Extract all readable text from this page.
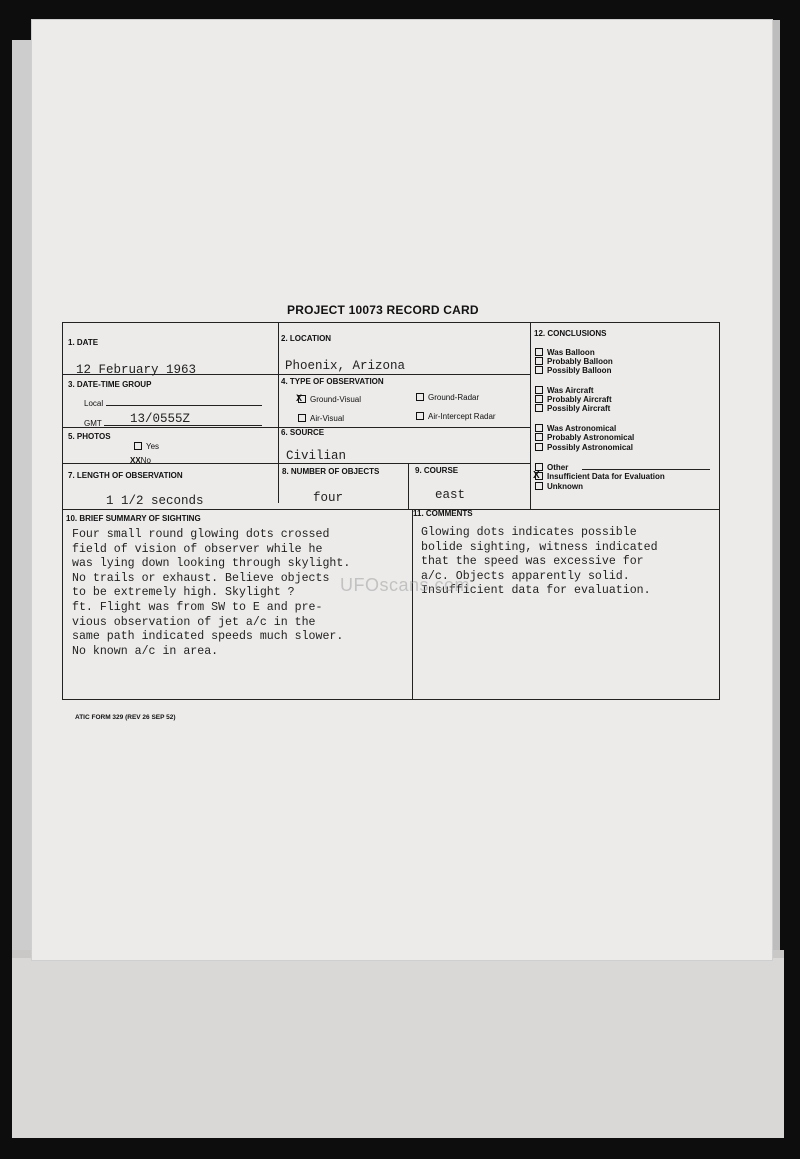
PROJECT 10073 RECORD CARD
1. DATE
12 February 1963
2. LOCATION
Phoenix, Arizona
3. DATE-TIME GROUP
Local
GMT 13/0555Z
4. TYPE OF OBSERVATION
Ground-Visual
X	Ground-Radar
Air-Visual	Air-Intercept Radar
5. PHOTOS
Yes
XXNo
6. SOURCE
Civilian
7. LENGTH OF OBSERVATION
1 1/2 seconds
8. NUMBER OF OBJECTS
four
9. COURSE
east
12. CONCLUSIONS
Was Balloon
Probably Balloon
Possibly Balloon
Was Aircraft
Probably Aircraft
Possibly Aircraft
Was Astronomical
Probably Astronomical
Possibly Astronomical
Other
Insufficient Data for Evaluation
X
Unknown
10. BRIEF SUMMARY OF SIGHTING
Four small round glowing dots crossed
field of vision of observer while he
was lying down looking through skylight.
No trails or exhaust. Believe objects
to be extremely high. Skylight ?
ft. Flight was from SW to E and pre-
vious observation of jet a/c in the
same path indicated speeds much slower.
No known a/c in area.
11. COMMENTS
Glowing dots indicates possible
bolide sighting, witness indicated
that the speed was excessive for
a/c. Objects apparently solid.
Insufficient data for evaluation.
UFOscans.com
ATIC FORM 329 (REV 26 SEP 52)
